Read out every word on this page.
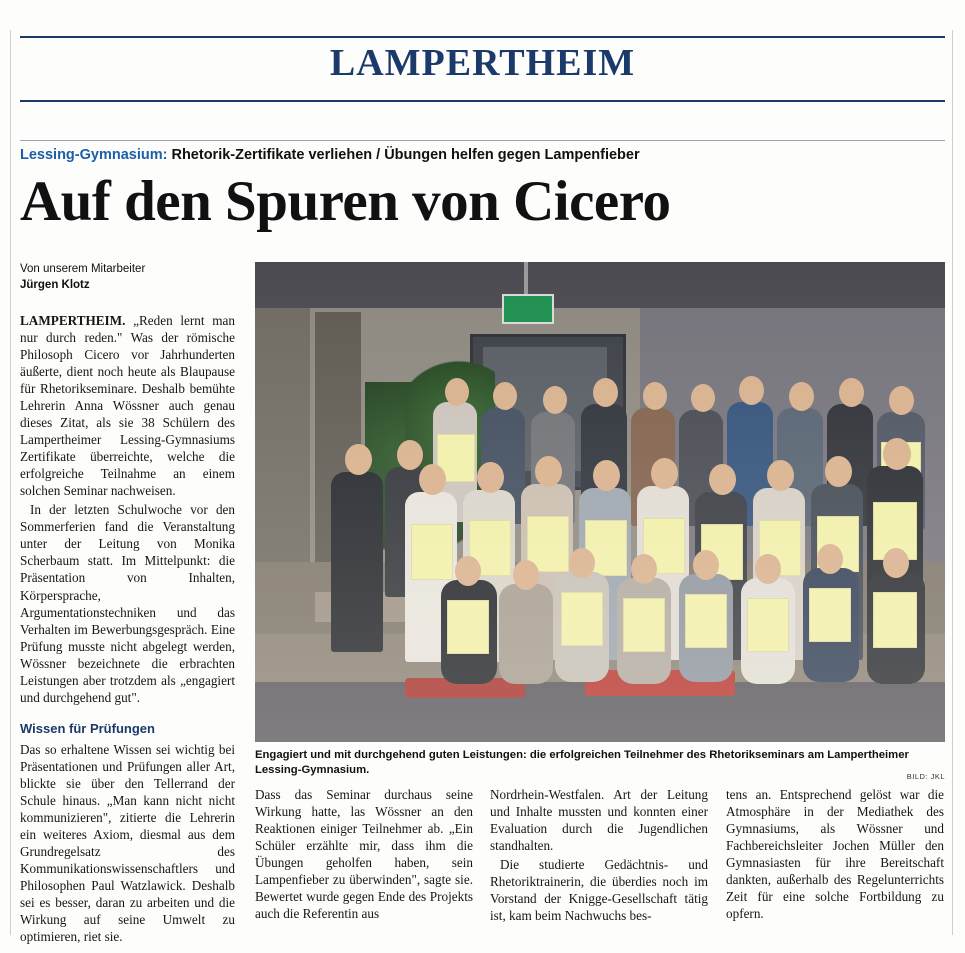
LAMPERTHEIM
Lessing-Gymnasium: Rhetorik-Zertifikate verliehen / Übungen helfen gegen Lampenfieber
Auf den Spuren von Cicero
Von unserem Mitarbeiter
Jürgen Klotz

LAMPERTHEIM. „Reden lernt man nur durch reden." Was der römische Philosoph Cicero vor Jahrhunderten äußerte, dient noch heute als Blaupause für Rhetorikseminare. Deshalb bemühte Lehrerin Anna Wössner auch genau dieses Zitat, als sie 38 Schülern des Lampertheimer Lessing-Gymnasiums Zertifikate überreichte, welche die erfolgreiche Teilnahme an einem solchen Seminar nachweisen.

In der letzten Schulwoche vor den Sommerferien fand die Veranstaltung unter der Leitung von Monika Scherbaum statt. Im Mittelpunkt: die Präsentation von Inhalten, Körpersprache, Argumentationstechniken und das Verhalten im Bewerbungsgespräch. Eine Prüfung musste nicht abgelegt werden, Wössner bezeichnete die erbrachten Leistungen aber trotzdem als „engagiert und durchgehend gut".

Wissen für Prüfungen

Das so erhaltene Wissen sei wichtig bei Präsentationen und Prüfungen aller Art, blickte sie über den Tellerrand der Schule hinaus. „Man kann nicht nicht kommunizieren", zitierte die Lehrerin ein weiteres Axiom, diesmal aus dem Grundregelsatz des Kommunikationswissenschaftlers und Philosophen Paul Watzlawick. Deshalb sei es besser, daran zu arbeiten und die Wirkung auf seine Umwelt zu optimieren, riet sie.

Engagiert und mit durchgehend guten Leistungen: die erfolgreichen Teilnehmer des Rhetorikseminars am Lampertheimer Lessing-Gymnasium.
BILD: JKL

Dass das Seminar durchaus seine Wirkung hatte, las Wössner an den Reaktionen einiger Teilnehmer ab. „Ein Schüler erzählte mir, dass ihm die Übungen geholfen haben, sein Lampenfieber zu überwinden", sagte sie. Bewertet wurde gegen Ende des Projekts auch die Referentin aus

Nordrhein-Westfalen. Art der Leitung und Inhalte mussten und konnten einer Evaluation durch die Jugendlichen standhalten.

Die studierte Gedächtnis- und Rhetoriktrainerin, die überdies noch im Vorstand der Knigge-Gesellschaft tätig ist, kam beim Nachwuchs bes-

tens an. Entsprechend gelöst war die Atmosphäre in der Mediathek des Gymnasiums, als Wössner und Fachbereichsleiter Jochen Müller den Gymnasiasten für ihre Bereitschaft dankten, außerhalb des Regelunterrichts Zeit für eine solche Fortbildung zu opfern.
